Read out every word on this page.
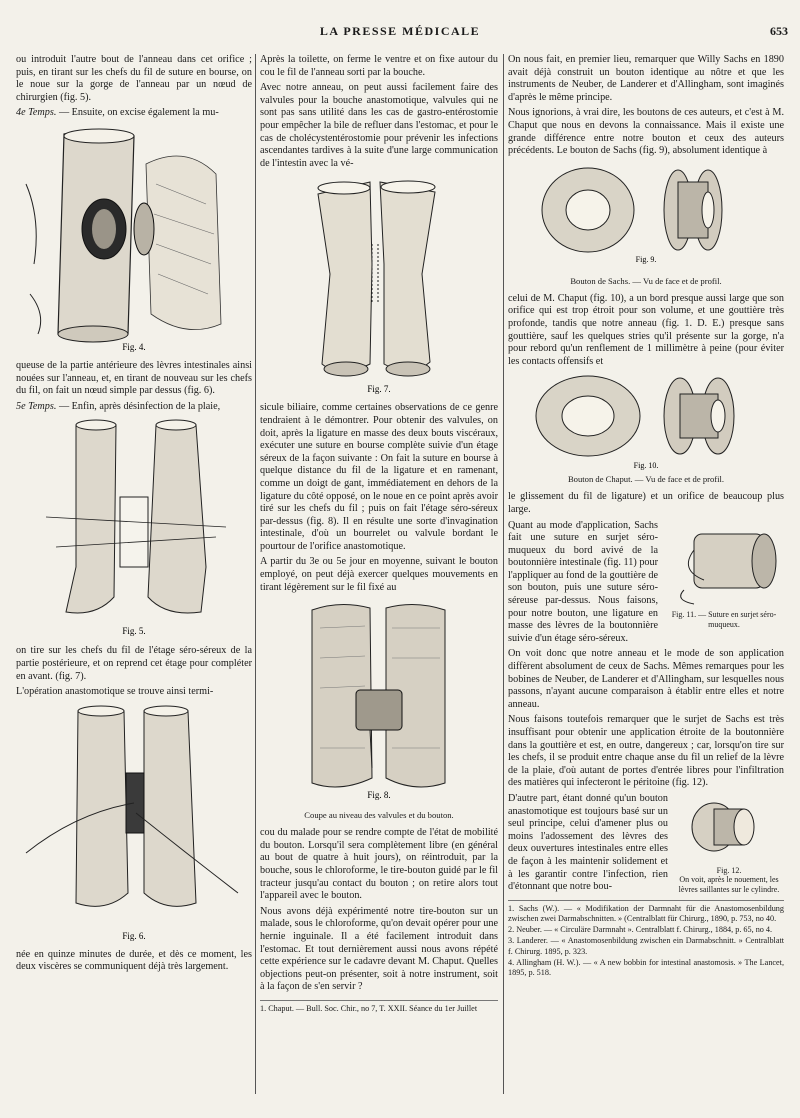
LA PRESSE MÉDICALE	653

ou introduit l'autre bout de l'anneau dans cet orifice ; puis, en tirant sur les chefs du fil de suture en bourse, on le noue sur la gorge de l'anneau par un nœud de chirurgien (fig. 5).

4e Temps. — Ensuite, on excise également la mu-

Fig. 4.

queuse de la partie antérieure des lèvres intestinales ainsi nouées sur l'anneau, et, en tirant de nouveau sur les chefs du fil, on fait un nœud simple par dessus (fig. 6).

5e Temps. — Enfin, après désinfection de la plaie,

Fig. 5.

on tire sur les chefs du fil de l'étage séro-séreux de la partie postérieure, et on reprend cet étage pour compléter en avant. (fig. 7).

L'opération anastomotique se trouve ainsi termi-

Fig. 6.

née en quinze minutes de durée, et dès ce moment, les deux viscères se communiquent déjà très largement.

Après la toilette, on ferme le ventre et on fixe autour du cou le fil de l'anneau sorti par la bouche.

Avec notre anneau, on peut aussi facilement faire des valvules pour la bouche anastomotique, valvules qui ne sont pas sans utilité dans les cas de gastro-entérostomie pour empêcher la bile de refluer dans l'estomac, et pour le cas de cholécystentérostomie pour prévenir les infections ascendantes tardives à la suite d'une large communication de l'intestin avec la vé-

Fig. 7.

sicule biliaire, comme certaines observations de ce genre tendraient à le démontrer. Pour obtenir des valvules, on doit, après la ligature en masse des deux bouts viscéraux, exécuter une suture en bourse complète suivie d'un étage séreux de la façon suivante : On fait la suture en bourse à quelque distance du fil de la ligature et en ramenant, comme un doigt de gant, immédiatement en dehors de la ligature du côté opposé, on le noue en ce point après avoir tiré sur les chefs du fil ; puis on fait l'étage séro-séreux par-dessus (fig. 8). Il en résulte une sorte d'invagination intestinale, d'où un bourrelet ou valvule bordant le pourtour de l'orifice anastomotique.

A partir du 3e ou 5e jour en moyenne, suivant le bouton employé, on peut déjà exercer quelques mouvements en tirant légèrement sur le fil fixé au

Fig. 8.
Coupe au niveau des valvules et du bouton.

cou du malade pour se rendre compte de l'état de mobilité du bouton. Lorsqu'il sera complètement libre (en général au bout de quatre à huit jours), on réintroduit, par la bouche, sous le chloroforme, le tire-bouton guidé par le fil tracteur jusqu'au contact du bouton ; on retire alors tout l'appareil avec le bouton.

Nous avons déjà expérimenté notre tire-bouton sur un malade, sous le chloroforme, qu'on devait opérer pour une hernie inguinale. Il a été facilement introduit dans l'estomac. Et tout dernièrement aussi nous avons répété cette expérience sur le cadavre devant M. Chaput. Quelles objections peut-on présenter, soit à notre instrument, soit à la façon de s'en servir ?

1. Chaput. — Bull. Soc. Chir., no 7, T. XXII. Séance du 1er Juillet

On nous fait, en premier lieu, remarquer que Willy Sachs en 1890 avait déjà construit un bouton identique au nôtre et que les instruments de Neuber, de Landerer et d'Allingham, sont imaginés d'après le même principe.

Nous ignorions, à vrai dire, les boutons de ces auteurs, et c'est à M. Chaput que nous en devons la connaissance. Mais il existe une grande différence entre notre bouton et ceux des auteurs précédents. Le bouton de Sachs (fig. 9), absolument identique à

Fig. 9.
Bouton de Sachs. — Vu de face et de profil.

celui de M. Chaput (fig. 10), a un bord presque aussi large que son orifice qui est trop étroit pour son volume, et une gouttière très profonde, tandis que notre anneau (fig. 1. D. E.) presque sans gouttière, sauf les quelques stries qu'il présente sur la gorge, n'a pour rebord qu'un renflement de 1 millimètre à peine (pour éviter les contacts offensifs et

Fig. 10.
Bouton de Chaput. — Vu de face et de profil.

le glissement du fil de ligature) et un orifice de beaucoup plus large.

Fig. 11. — Suture en surjet séro-muqueux.

Quant au mode d'application, Sachs fait une suture en surjet séro-muqueux du bord avivé de la boutonnière intestinale (fig. 11) pour l'appliquer au fond de la gouttière de son bouton, puis une suture séro-séreuse par-dessus. Nous faisons, pour notre bouton, une ligature en masse des lèvres de la boutonnière suivie d'un étage séro-séreux.

On voit donc que notre anneau et le mode de son application diffèrent absolument de ceux de Sachs. Mêmes remarques pour les bobines de Neuber, de Landerer et d'Allingham, sur lesquelles nous passons, n'ayant aucune comparaison à établir entre elles et notre anneau.

Nous faisons toutefois remarquer que le surjet de Sachs est très insuffisant pour obtenir une application étroite de la boutonnière dans la gouttière et est, en outre, dangereux ; car, lorsqu'on tire sur les chefs, il se produit entre chaque anse du fil un relief de la lèvre de la plaie, d'où autant de portes d'entrée libres pour l'infiltration des matières qui infecteront le péritoine (fig. 12).

Fig. 12.
On voit, après le nouement, les lèvres saillantes sur le cylindre.

D'autre part, étant donné qu'un bouton anastomotique est toujours basé sur un seul principe, celui d'amener plus ou moins l'adossement des lèvres des deux ouvertures intestinales entre elles de façon à les maintenir solidement et à les garantir contre l'infection, rien d'étonnant que notre bou-

1. Sachs (W.). — « Modifikation der Darmnaht für die Anastomosenbildung zwischen zwei Darmabschnitten. » (Centralblatt für Chirurg., 1890, p. 753, no 40.

2. Neuber. — « Circuläre Darmnaht ». Centralblatt f. Chirurg., 1884, p. 65, no 4.

3. Landerer. — « Anastomosenbildung zwischen ein Darmabschnitt. » Centralblatt f. Chirurg. 1895, p. 323.

4. Allingham (H. W.). — « A new bobbin for intestinal anastomosis. » The Lancet, 1895, p. 518.
